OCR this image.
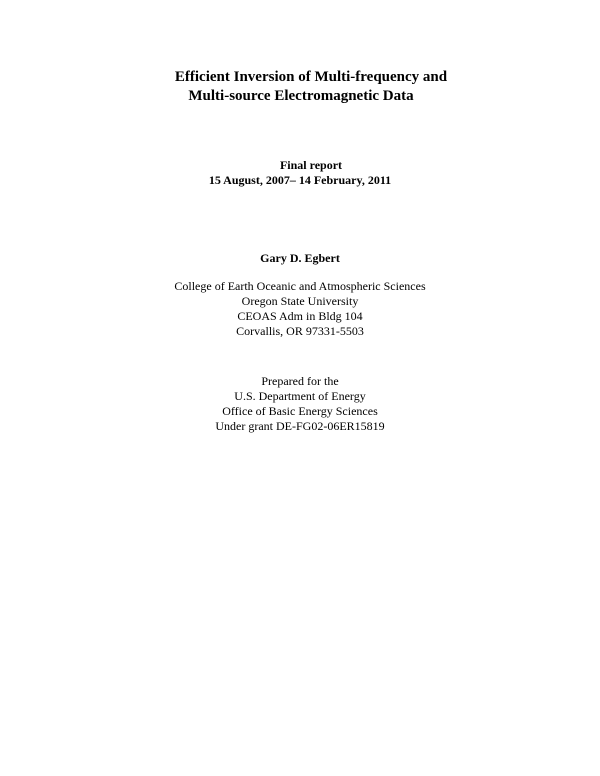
Efficient Inversion of Multi-frequency and
Multi-source Electromagnetic Data
Final report
15 August, 2007– 14 February, 2011
Gary D. Egbert
College of Earth Oceanic and Atmospheric Sciences
Oregon State University
CEOAS Adm in Bldg 104
Corvallis, OR 97331-5503
Prepared for the
U.S. Department of Energy
Office of Basic Energy Sciences
Under grant DE-FG02-06ER15819
